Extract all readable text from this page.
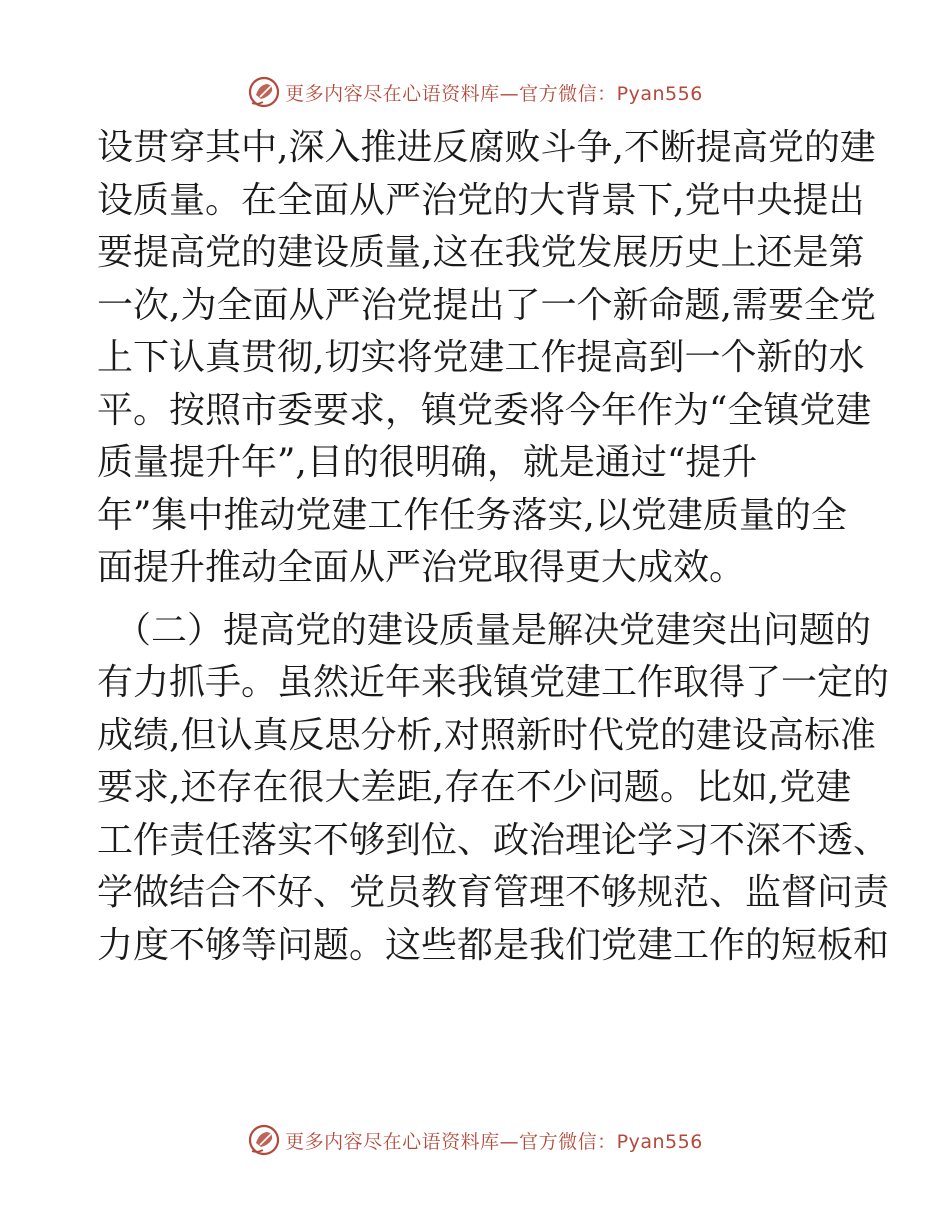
更多内容尽在心语资料库—官方微信：Pyan556
设贯穿其中,深入推进反腐败斗争,不断提高党的建
设质量。在全面从严治党的大背景下,党中央提出
要提高党的建设质量,这在我党发展历史上还是第
一次,为全面从严治党提出了一个新命题,需要全党
上下认真贯彻,切实将党建工作提高到一个新的水
平。按照市委要求，镇党委将今年作为“全镇党建
质量提升年”,目的很明确，就是通过“提升
年”集中推动党建工作任务落实,以党建质量的全
面提升推动全面从严治党取得更大成效。
（二）提高党的建设质量是解决党建突出问题的
有力抓手。虽然近年来我镇党建工作取得了一定的
成绩,但认真反思分析,对照新时代党的建设高标准
要求,还存在很大差距,存在不少问题。比如,党建
工作责任落实不够到位、政治理论学习不深不透、
学做结合不好、党员教育管理不够规范、监督问责
力度不够等问题。这些都是我们党建工作的短板和
更多内容尽在心语资料库—官方微信：Pyan556
